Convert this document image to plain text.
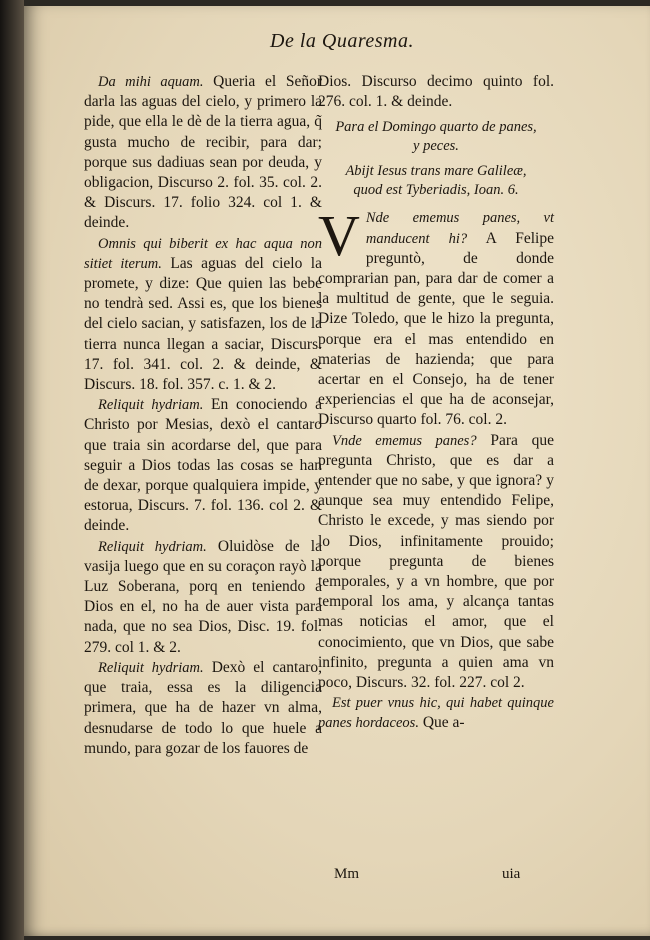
De la Quaresma.

Da mihi aquam. Queria el Señor darla las aguas del cielo, y primero la pide, que ella le dè de la tierra agua, q̃ gusta mucho de recibir, para dar; porque sus dadiuas sean por deuda, y obligacion, Discurso 2. fol. 35. col. 2. & Discurs. 17. folio 324. col 1. & deinde.

Omnis qui biberit ex hac aqua non sitiet iterum. Las aguas del cielo la promete, y dize: Que quien las bebe no tendrà sed. Assi es, que los bienes del cielo sacian, y satisfazen, los de la tierra nunca llegan a saciar, Discurs. 17. fol. 341. col. 2. & deinde, & Discurs. 18. fol. 357. c. 1. & 2.

Reliquit hydriam. En conociendo a Christo por Mesias, dexò el cantaro que traia sin acordarse del, que para seguir a Dios todas las cosas se han de dexar, porque qualquiera impide, y estorua, Discurs. 7. fol. 136. col 2. & deinde.

Reliquit hydriam. Oluidòse de la vasija luego que en su coraçon rayò la Luz Soberana, porq en teniendo a Dios en el, no ha de auer vista para nada, que no sea Dios, Disc. 19. fol. 279. col 1. & 2.

Reliquit hydriam. Dexò el cantaro, que traia, essa es la diligencia primera, que ha de hazer vn alma, desnudarse de todo lo que huele a mundo, para gozar de los fauores de

Dios. Discurso decimo quinto fol. 276. col. 1. & deinde.

Para el Domingo quarto de panes,
y peces.
Abijt Iesus trans mare Galileæ,
quod est Tyberiadis, Ioan. 6.
V Nde ememus panes, vt manducent hi? A Felipe preguntò, de donde comprarian pan, para dar de comer a la multitud de gente, que le seguia. Dize Toledo, que le hizo la pregunta, porque era el mas entendido en materias de hazienda; que para acertar en el Consejo, ha de tener experiencias el que ha de aconsejar, Discurso quarto fol. 76. col. 2.

Vnde ememus panes? Para que pregunta Christo, que es dar a entender que no sabe, y que ignora? y aunque sea muy entendido Felipe, Christo le excede, y mas siendo por lo Dios, infinitamente prouido; porque pregunta de bienes temporales, y a vn hombre, que por temporal los ama, y alcança tantas mas noticias el amor, que el conocimiento, que vn Dios, que sabe infinito, pregunta a quien ama vn poco, Discurs. 32. fol. 227. col 2.

Est puer vnus hic, qui habet quinque panes hordaceos. Que a-

Mm	uia
